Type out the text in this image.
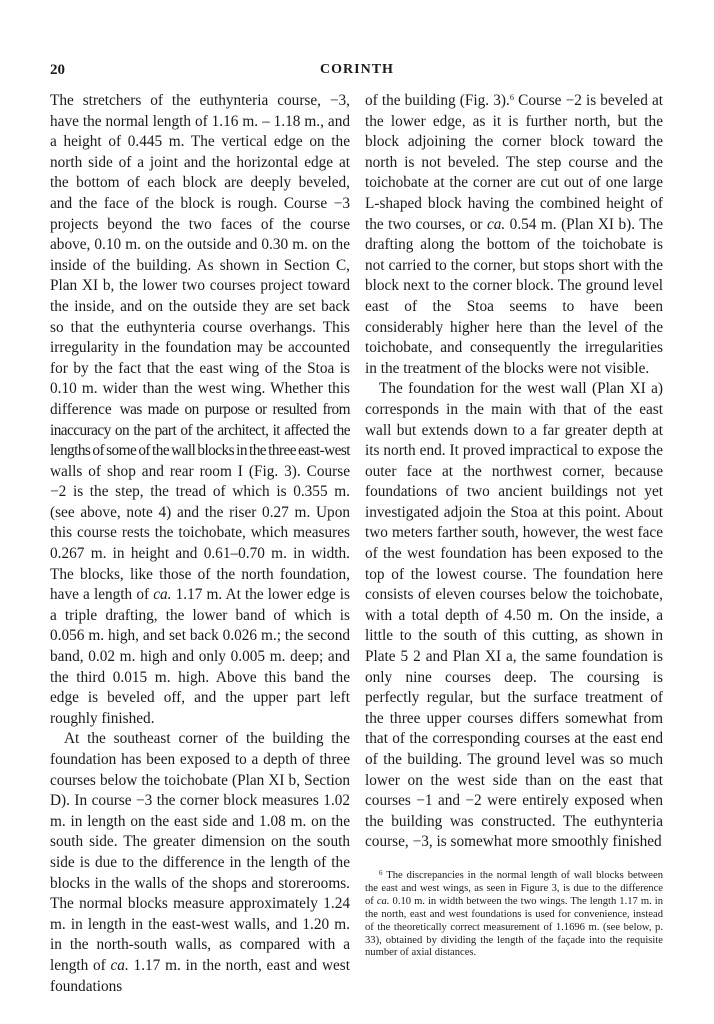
20	CORINTH

The stretchers of the euthynteria course, −3, have the normal length of 1.16 m. – 1.18 m., and a height of 0.445 m. The vertical edge on the north side of a joint and the horizontal edge at the bottom of each block are deeply beveled, and the face of the block is rough. Course −3 projects beyond the two faces of the course above, 0.10 m. on the outside and 0.30 m. on the inside of the building. As shown in Section C, Plan XI b, the lower two courses project toward the inside, and on the outside they are set back so that the euthynteria course overhangs. This irregularity in the foundation may be accounted for by the fact that the east wing of the Stoa is 0.10 m. wider than the west wing. Whether this difference was made on purpose or resulted from inaccuracy on the part of the architect, it affected the lengths of some of the wall blocks in the three east-west walls of shop and rear room I (Fig. 3). Course −2 is the step, the tread of which is 0.355 m. (see above, note 4) and the riser 0.27 m. Upon this course rests the toichobate, which measures 0.267 m. in height and 0.61–0.70 m. in width. The blocks, like those of the north foundation, have a length of ca. 1.17 m. At the lower edge is a triple drafting, the lower band of which is 0.056 m. high, and set back 0.026 m.; the second band, 0.02 m. high and only 0.005 m. deep; and the third 0.015 m. high. Above this band the edge is beveled off, and the upper part left roughly finished.

At the southeast corner of the building the foundation has been exposed to a depth of three courses below the toichobate (Plan XI b, Section D). In course −3 the corner block measures 1.02 m. in length on the east side and 1.08 m. on the south side. The greater dimension on the south side is due to the difference in the length of the blocks in the walls of the shops and storerooms. The normal blocks measure approximately 1.24 m. in length in the east-west walls, and 1.20 m. in the north-south walls, as compared with a length of ca. 1.17 m. in the north, east and west foundations

of the building (Fig. 3).$^6$ Course −2 is beveled at the lower edge, as it is further north, but the block adjoining the corner block toward the north is not beveled. The step course and the toichobate at the corner are cut out of one large L-shaped block having the combined height of the two courses, or ca. 0.54 m. (Plan XI b). The drafting along the bottom of the toichobate is not carried to the corner, but stops short with the block next to the corner block. The ground level east of the Stoa seems to have been considerably higher here than the level of the toichobate, and consequently the irregularities in the treatment of the blocks were not visible.

The foundation for the west wall (Plan XI a) corresponds in the main with that of the east wall but extends down to a far greater depth at its north end. It proved impractical to expose the outer face at the northwest corner, because foundations of two ancient buildings not yet investigated adjoin the Stoa at this point. About two meters farther south, however, the west face of the west foundation has been exposed to the top of the lowest course. The foundation here consists of eleven courses below the toichobate, with a total depth of 4.50 m. On the inside, a little to the south of this cutting, as shown in Plate 5 2 and Plan XI a, the same foundation is only nine courses deep. The coursing is perfectly regular, but the surface treatment of the three upper courses differs somewhat from that of the corresponding courses at the east end of the building. The ground level was so much lower on the west side than on the east that courses −1 and −2 were entirely exposed when the building was constructed. The euthynteria course, −3, is somewhat more smoothly finished

$^6$ The discrepancies in the normal length of wall blocks between the east and west wings, as seen in Figure 3, is due to the difference of ca. 0.10 m. in width between the two wings. The length 1.17 m. in the north, east and west foundations is used for convenience, instead of the theoretically correct measurement of 1.1696 m. (see below, p. 33), obtained by dividing the length of the façade into the requisite number of axial distances.
